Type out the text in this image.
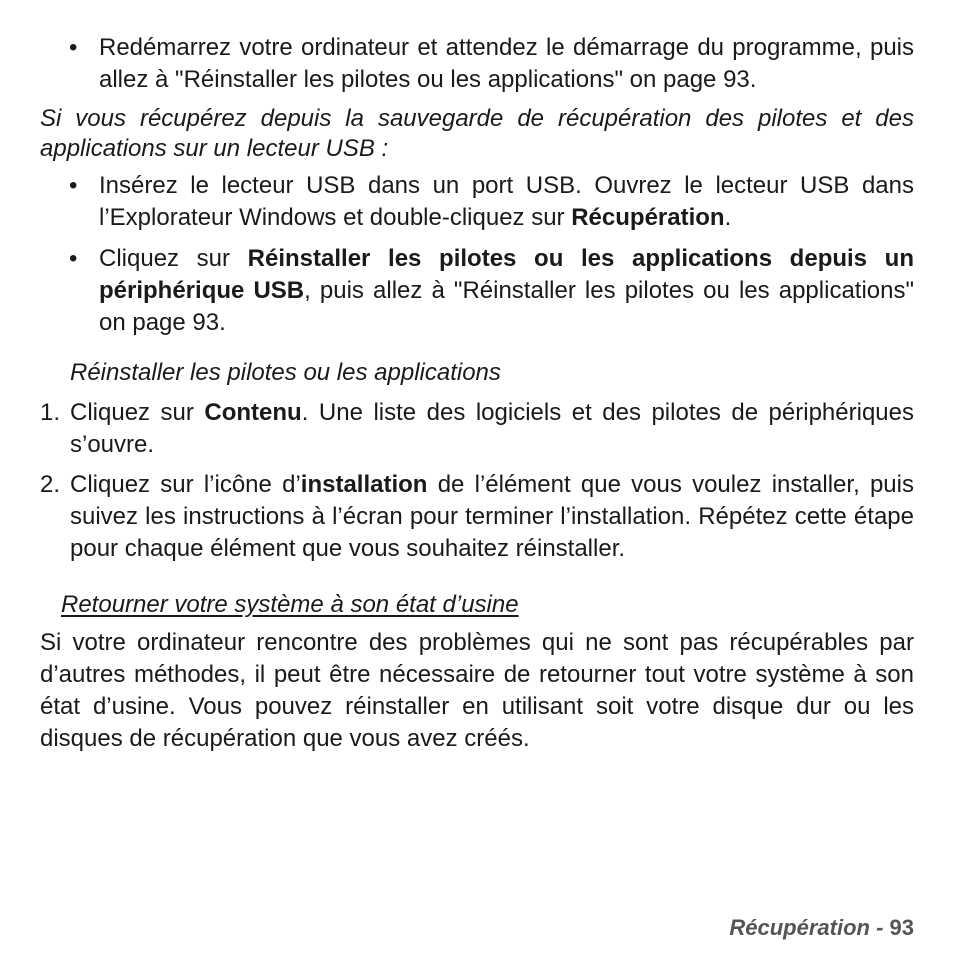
• Redémarrez votre ordinateur et attendez le démarrage du programme, puis allez à "Réinstaller les pilotes ou les applications" on page 93.
Si vous récupérez depuis la sauvegarde de récupération des pilotes et des applications sur un lecteur USB :
• Insérez le lecteur USB dans un port USB. Ouvrez le lecteur USB dans l’Explorateur Windows et double-cliquez sur Récupération.
• Cliquez sur Réinstaller les pilotes ou les applications depuis un périphérique USB, puis allez à "Réinstaller les pilotes ou les applications" on page 93.
Réinstaller les pilotes ou les applications
1. Cliquez sur Contenu. Une liste des logiciels et des pilotes de périphériques s’ouvre.
2. Cliquez sur l’icône d’installation de l’élément que vous voulez installer, puis suivez les instructions à l’écran pour terminer l’installation. Répétez cette étape pour chaque élément que vous souhaitez réinstaller.
Retourner votre système à son état d’usine
Si votre ordinateur rencontre des problèmes qui ne sont pas récupérables par d’autres méthodes, il peut être nécessaire de retourner tout votre système à son état d’usine. Vous pouvez réinstaller en utilisant soit votre disque dur ou les disques de récupération que vous avez créés.
Récupération - 93
